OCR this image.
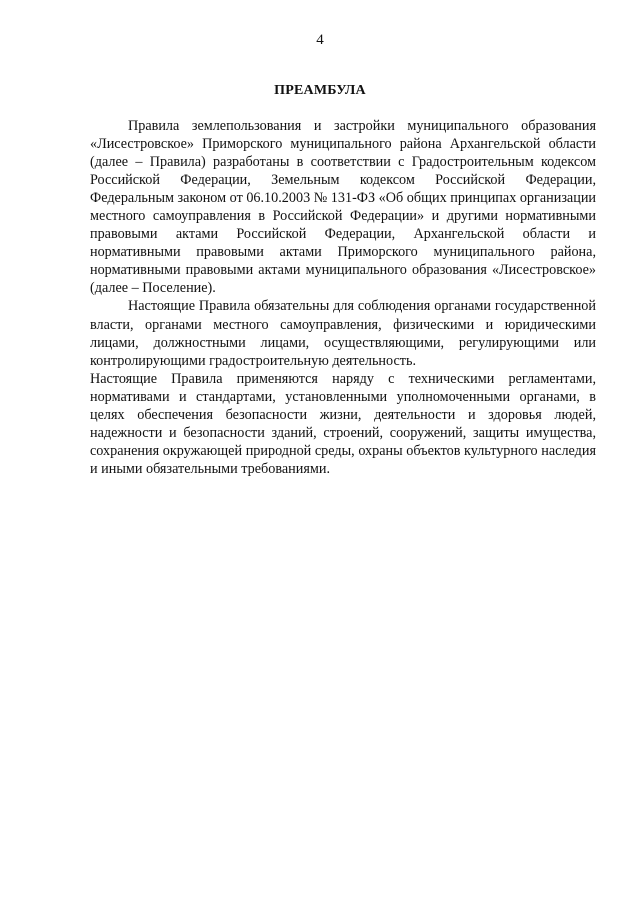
4
ПРЕАМБУЛА

Правила землепользования и застройки муниципального образования «Лисестровское» Приморского муниципального района Архангельской области (далее – Правила) разработаны в соответствии с Градостроительным кодексом Российской Федерации, Земельным кодексом Российской Федерации, Федеральным законом от 06.10.2003 № 131-ФЗ «Об общих принципах организации местного самоуправления в Российской Федерации» и другими нормативными правовыми актами Российской Федерации, Архангельской области и нормативными правовыми актами Приморского муниципального района, нормативными правовыми актами муниципального образования «Лисестровское» (далее – Поселение).

Настоящие Правила обязательны для соблюдения органами государственной власти, органами местного самоуправления, физическими и юридическими лицами, должностными лицами, осуществляющими, регулирующими или контролирующими градостроительную деятельность.

Настоящие Правила применяются наряду с техническими регламентами, нормативами и стандартами, установленными уполномоченными органами, в целях обеспечения безопасности жизни, деятельности и здоровья людей, надежности и безопасности зданий, строений, сооружений, защиты имущества, сохранения окружающей природной среды, охраны объектов культурного наследия и иными обязательными требованиями.
